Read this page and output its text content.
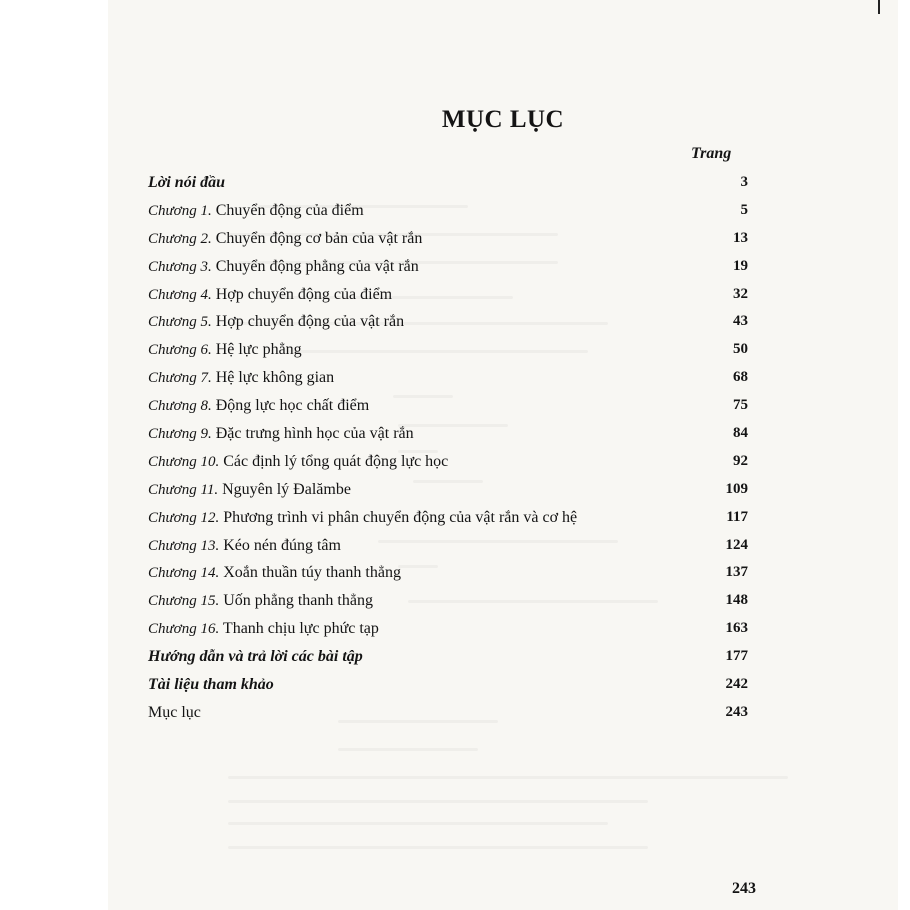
MỤC LỤC
Trang
Lời nói đầu	3
Chương 1. Chuyển động của điểm	5
Chương 2. Chuyển động cơ bản của vật rắn	13
Chương 3. Chuyển động phẳng của vật rắn	19
Chương 4. Hợp chuyển động của điểm	32
Chương 5. Hợp chuyển động của vật rắn	43
Chương 6. Hệ lực phẳng	50
Chương 7. Hệ lực không gian	68
Chương 8. Động lực học chất điểm	75
Chương 9. Đặc trưng hình học của vật rắn	84
Chương 10. Các định lý tổng quát động lực học	92
Chương 11. Nguyên lý Đalămbe	109
Chương 12. Phương trình vi phân chuyển động của vật rắn và cơ hệ	117
Chương 13. Kéo nén đúng tâm	124
Chương 14. Xoắn thuần túy thanh thẳng	137
Chương 15. Uốn phẳng thanh thẳng	148
Chương 16. Thanh chịu lực phức tạp	163
Hướng dẫn và trả lời các bài tập	177
Tài liệu tham khảo	242
Mục lục	243
243
